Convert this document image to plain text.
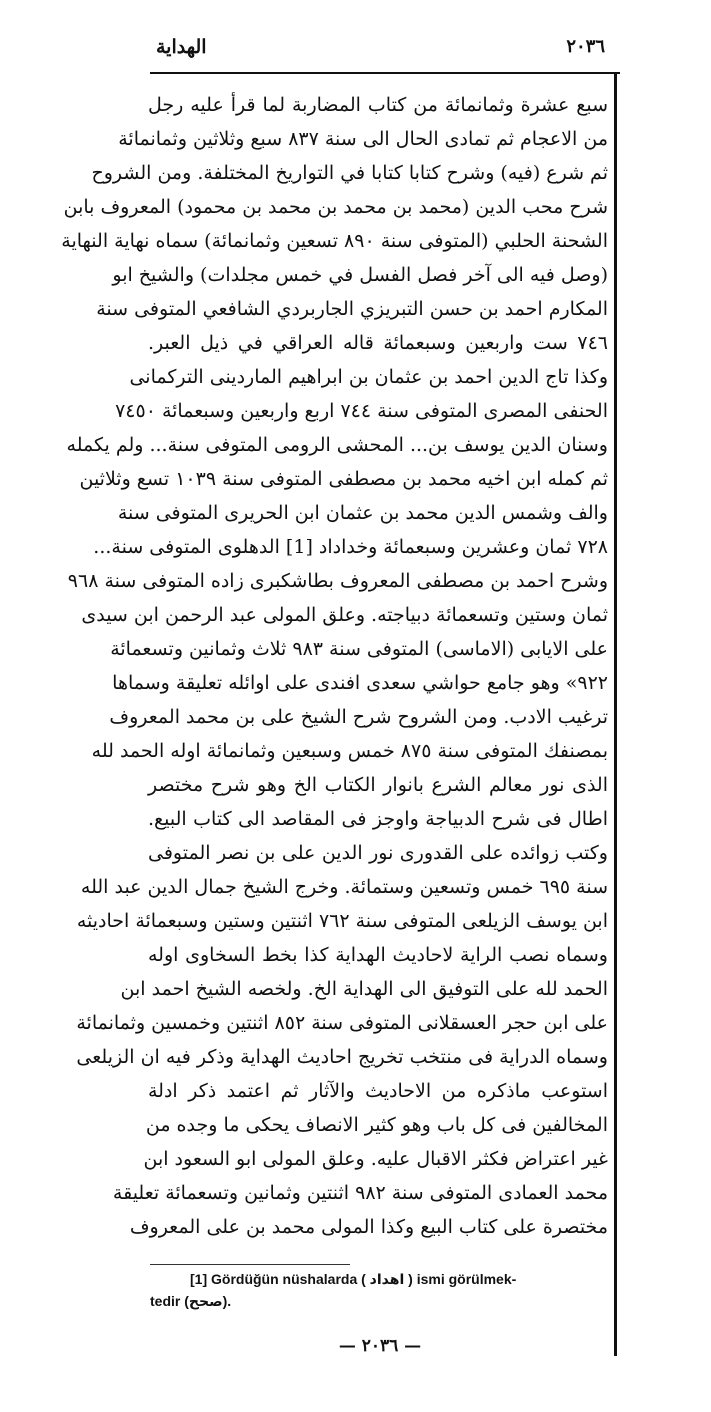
الهداية	٢٠٣٦
سبع عشرة وثمانمائة من كتاب المضاربة لما قرأ عليه رجل
من الاعجام ثم تمادى الحال الى سنة ٨٣٧ سبع وثلاثين وثمانمائة
ثم شرع (فيه) وشرح كتابا كتابا في التواريخ المختلفة. ومن الشروح
شرح محب الدين (محمد بن محمد بن محمد بن محمود) المعروف بابن
الشحنة الحلبي (المتوفى سنة ٨٩٠ تسعين وثمانمائة) سماه نهاية النهاية
(وصل فيه الى آخر فصل الفسل في خمس مجلدات) والشيخ ابو
المكارم احمد بن حسن التبريزي الجاربردي الشافعي المتوفى سنة
٧٤٦ ست واربعين وسبعمائة قاله العراقي في ذيل العبر.
وكذا تاج الدين احمد بن عثمان بن ابراهيم الماردينى التركمانى
الحنفى المصرى المتوفى سنة ٧٤٤ اربع واربعين وسبعمائة ٧٤٥٠
وسنان الدين يوسف بن... المحشى الرومى المتوفى سنة... ولم يكمله
ثم كمله ابن اخيه محمد بن مصطفى المتوفى سنة ١٠٣٩ تسع وثلاثين
والف وشمس الدين محمد بن عثمان ابن الحريرى المتوفى سنة
٧٢٨ ثمان وعشرين وسبعمائة وخداداد [1] الدهلوى المتوفى سنة...
وشرح احمد بن مصطفى المعروف بطاشكبرى زاده المتوفى سنة ٩٦٨
ثمان وستين وتسعمائة دبياجته. وعلق المولى عبد الرحمن ابن سيدى
على الايابى (الاماسى) المتوفى سنة ٩٨٣ ثلاث وثمانين وتسعمائة
٩٢٢» وهو جامع حواشي سعدى افندى على اوائله تعليقة وسماها
ترغيب الادب. ومن الشروح شرح الشيخ على بن محمد المعروف
بمصنفك المتوفى سنة ٨٧٥ خمس وسبعين وثمانمائة اوله الحمد لله
الذى نور معالم الشرع بانوار الكتاب الخ وهو شرح مختصر
اطال فى شرح الدبياجة واوجز فى المقاصد الى كتاب البيع.
وكتب زوائده على القدورى نور الدين على بن نصر المتوفى
سنة ٦٩٥ خمس وتسعين وستمائة. وخرج الشيخ جمال الدين عبد الله
ابن يوسف الزيلعى المتوفى سنة ٧٦٢ اثنتين وستين وسبعمائة احاديثه
وسماه نصب الراية لاحاديث الهداية كذا بخط السخاوى اوله
الحمد لله على التوفيق الى الهداية الخ. ولخصه الشيخ احمد ابن
على ابن حجر العسقلانى المتوفى سنة ٨٥٢ اثنتين وخمسين وثمانمائة
وسماه الدراية فى منتخب تخريج احاديث الهداية وذكر فيه ان الزيلعى
استوعب ماذكره من الاحاديث والآثار ثم اعتمد ذكر ادلة
المخالفين فى كل باب وهو كثير الانصاف يحكى ما وجده من
غير اعتراض فكثر الاقبال عليه. وعلق المولى ابو السعود ابن
محمد العمادى المتوفى سنة ٩٨٢ اثنتين وثمانين وتسعمائة تعليقة
مختصرة على كتاب البيع وكذا المولى محمد بن على المعروف
[1] Gördüğün nüshalarda ( اهداد ) ismi görülmek-
tedir (صحح).
— ٢٠٣٦ —
